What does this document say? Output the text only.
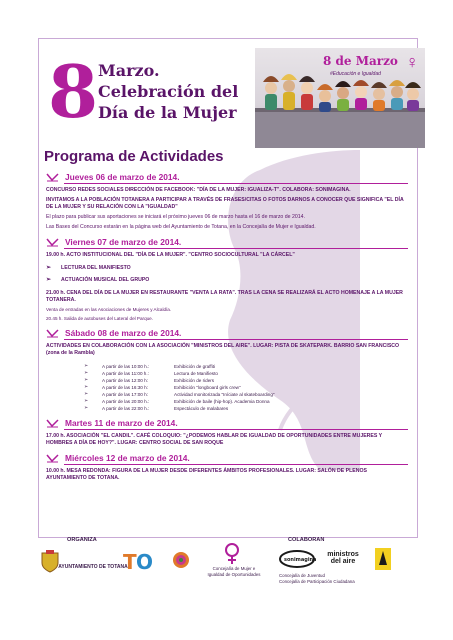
8 Marzo.
Celebración del
Día de la Mujer
8 de Marzo
#Educación e Igualdad
♀
Programa de Actividades
Jueves 06 de marzo de 2014.

CONCURSO REDES SOCIALES DIRECCIÓN DE FACEBOOK: "DÍA DE LA MUJER: IGUALIZA-T". COLABORA: SONIMAGINA.

INVITAMOS A LA POBLACIÓN TOTANERA A PARTICIPAR A TRAVÉS DE FRASES/CITAS O FOTOS DARNOS A CONOCER QUE SIGNIFICA "EL DÍA DE LA MUJER Y SU RELACIÓN CON LA "IGUALDAD"

El plazo para publicar sus aportaciones se iniciará el próximo jueves 06 de marzo hasta el 16 de marzo de 2014.

Las Bases del Concurso estarán en la página web del Ayuntamiento de Totana, en la Concejalía de Mujer e Igualdad.

Viernes 07 de marzo de 2014.

19.00 h. ACTO INSTITUCIONAL DEL "DÍA DE LA MUJER". "CENTRO SOCIOCULTURAL "LA CÁRCEL"

➢ LECTURA DEL MANIFIESTO
➢ ACTUACIÓN MUSICAL DEL GRUPO

21.00 h. CENA DEL DÍA DE LA MUJER EN RESTAURANTE "VENTA LA RATA". TRAS LA CENA SE REALIZARÁ EL ACTO HOMENAJE A LA MUJER TOTANERA.

Venta de entradas en las Asociaciones de Mujeres y Alcaldía.

20.45 h. Salida de autobuses del Lateral del Parque.

Sábado 08 de marzo de 2014.

ACTIVIDADES EN COLABORACIÓN CON LA ASOCIACIÓN "MINISTROS DEL AIRE". LUGAR: PISTA DE SKATEPARK. BARRIO SAN FRANCISCO (zona de la Rambla)

➢	A partir de las 10:00 h.:	Exhibición de graffiti
➢	A partir de las 11:00 h.:	Lectura de Manifiesto
➢	A partir de las 12:00 h:	Exhibición de riders
➢	A partir de las 16:30 h:	Exhibición "longboard girls crew"
➢	A partir de las 17:00 h:	Actividad monitorizada "Iníciate al skateboarding"
➢	A partir de las 20:00 h.:	Exhibición de baile (hip-hop). Academia Donna
➢	A partir de las 22:00 h.:	Espectáculo de malabares
Martes 11 de marzo de 2014.

17.00 h. ASOCIACIÓN "EL CANDIL". CAFÉ COLOQUIO: "¿PODEMOS HABLAR DE IGUALDAD DE OPORTUNIDADES ENTRE MUJERES Y HOMBRES A DÍA DE HOY?". LUGAR: CENTRO SOCIAL DE SAN ROQUE

Miércoles 12 de marzo de 2014.

10.00 h. MESA REDONDA: FIGURA DE LA MUJER DESDE DIFERENTES ÁMBITOS PROFESIONALES. LUGAR: SALÓN DE PLENOS AYUNTAMIENTO DE TOTANA.

ORGANIZA	COLABORAN
AYUNTAMIENTO DE TOTANA
T O	Concejalía de Mujer e Igualdad de Oportunidades
sonimagina
ministros del aire
Concejalía de Juventud
Concejalía de Participación Ciudadana
